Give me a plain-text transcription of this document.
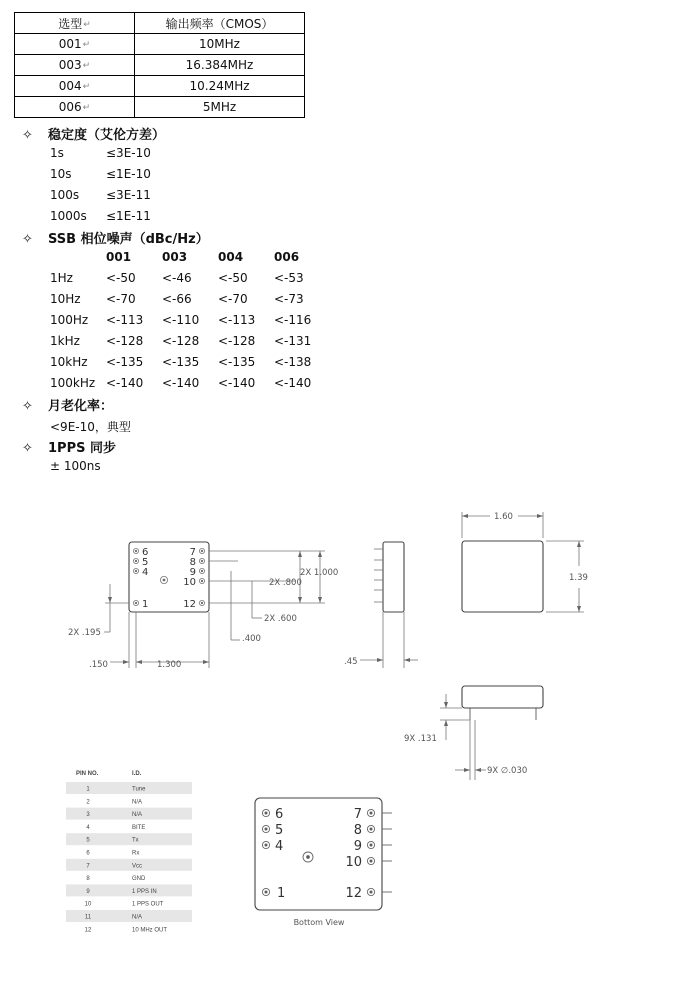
选型↵	输出频率（CMOS）
001↵	10MHz
003↵	16.384MHz
004↵	10.24MHz
006↵	5MHz
✧ 稳定度（艾伦方差）
1s	≤3E-10
10s	≤1E-10
100s ≤3E-11
1000s ≤1E-11
✧ SSB 相位噪声（dBc/Hz）
001	003	004	006
1Hz	<-50 <-46 <-50 <-53
10Hz <-70 <-66 <-70 <-73
100Hz <-113 <-110 <-113 <-116
1kHz <-128 <-128 <-128 <-131
10kHz <-135 <-135 <-135 <-138
100kHz <-140 <-140 <-140 <-140
✧ 月老化率：
<9E-10，典型
✧ 1PPS 同步
± 100ns
6
5
4
1
7
8
9
10
12
2X .800
2X 1.000
2X .600
.400
2X .195
.150	1.300	.45
1.60
1.39
9X .131
9X ∅.030
PIN NO.	I.D.
1	Tune
2	N/A
3	N/A
4	BITE
5	Tx
6	Rx
7	Vcc
8	GND
9	1 PPS IN
10	1 PPS OUT
11	N/A
12	10 MHz OUT
6
5
4
1
7
8
9
10
12
Bottom View
